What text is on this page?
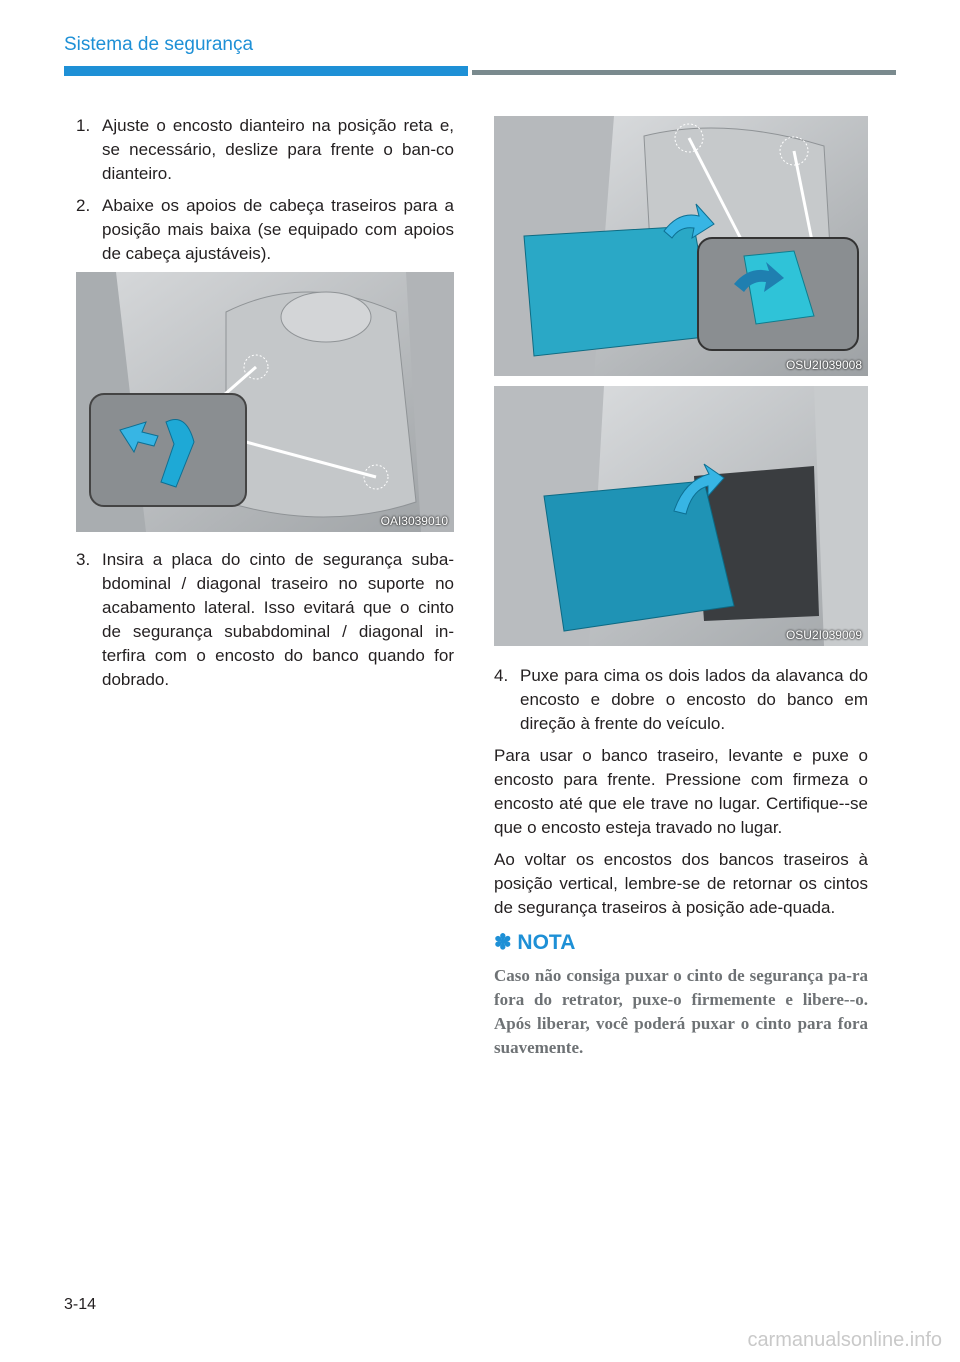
Sistema de segurança
1. Ajuste o encosto dianteiro na posição reta e, se necessário, deslize para frente o ban-co dianteiro.
2. Abaixe os apoios de cabeça traseiros para a posição mais baixa (se equipado com apoios de cabeça ajustáveis).
OAI3039010
3. Insira a placa do cinto de segurança suba-bdominal / diagonal traseiro no suporte no acabamento lateral. Isso evitará que o cinto de segurança subabdominal / diagonal in-terfira com o encosto do banco quando for dobrado.
OSU2I039008
OSU2I039009
4. Puxe para cima os dois lados da alavanca do encosto e dobre o encosto do banco em direção à frente do veículo.

Para usar o banco traseiro, levante e puxe o encosto para frente. Pressione com firmeza o encosto até que ele trave no lugar. Certifique--se que o encosto esteja travado no lugar.

Ao voltar os encostos dos bancos traseiros à posição vertical, lembre-se de retornar os cintos de segurança traseiros à posição ade-quada.

✽ NOTA
Caso não consiga puxar o cinto de segurança pa-ra fora do retrator, puxe-o firmemente e libere--o. Após liberar, você poderá puxar o cinto para fora suavemente.
3-14
carmanualsonline.info
